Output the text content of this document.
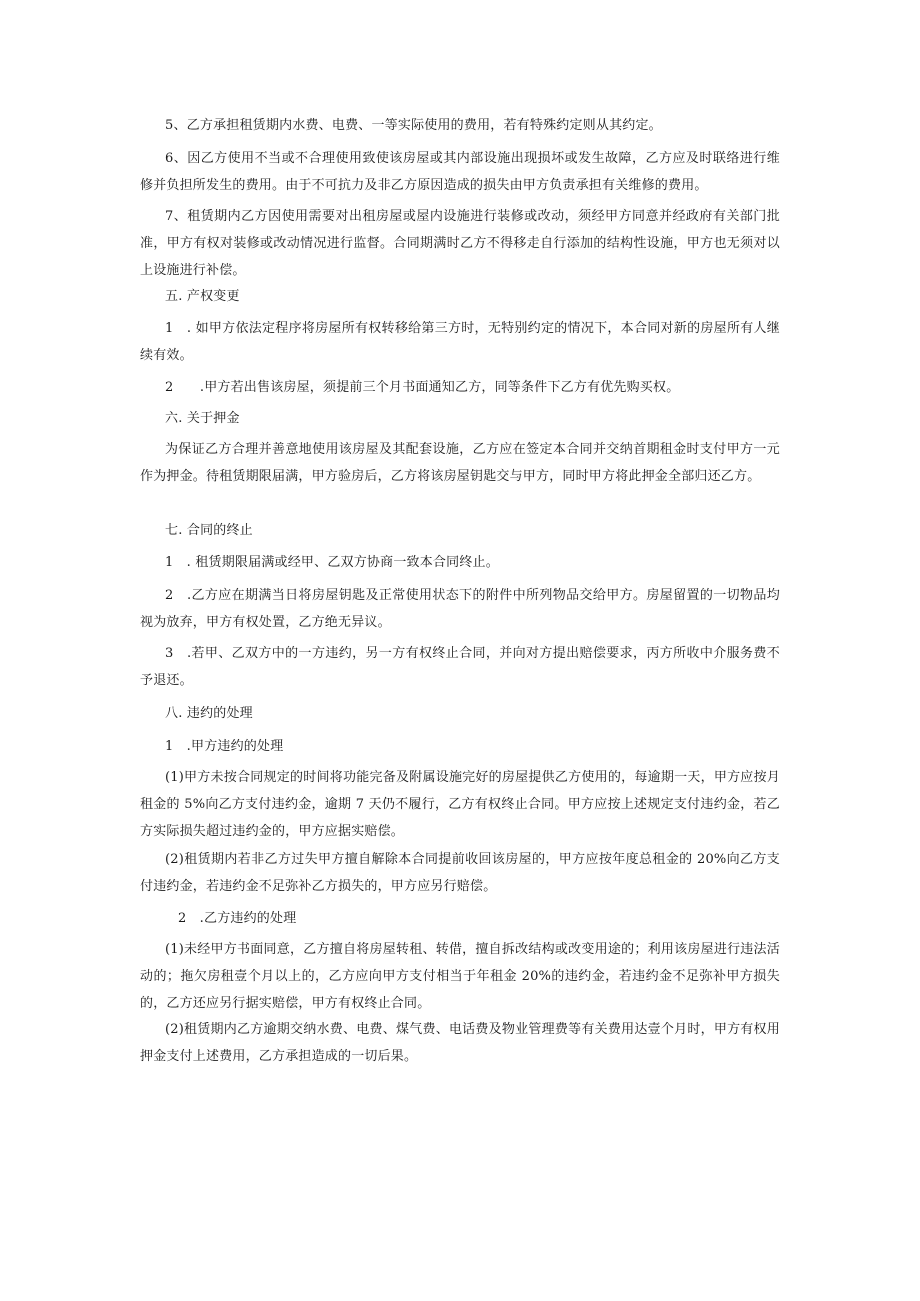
5、乙方承担租赁期内水费、电费、一等实际使用的费用，若有特殊约定则从其约定。

6、因乙方使用不当或不合理使用致使该房屋或其内部设施出现损坏或发生故障，乙方应及时联络进行维修并负担所发生的费用。由于不可抗力及非乙方原因造成的损失由甲方负责承担有关维修的费用。

7、租赁期内乙方因使用需要对出租房屋或屋内设施进行装修或改动，须经甲方同意并经政府有关部门批准，甲方有权对装修或改动情况进行监督。合同期满时乙方不得移走自行添加的结构性设施，甲方也无须对以上设施进行补偿。

五. 产权变更

1　. 如甲方依法定程序将房屋所有权转移给第三方时，无特别约定的情况下，本合同对新的房屋所有人继续有效。

2　　.甲方若出售该房屋，须提前三个月书面通知乙方，同等条件下乙方有优先购买权。

六. 关于押金

为保证乙方合理并善意地使用该房屋及其配套设施，乙方应在签定本合同并交纳首期租金时支付甲方一元作为押金。待租赁期限届满，甲方验房后，乙方将该房屋钥匙交与甲方，同时甲方将此押金全部归还乙方。

七. 合同的终止

1　. 租赁期限届满或经甲、乙双方协商一致本合同终止。

2　.乙方应在期满当日将房屋钥匙及正常使用状态下的附件中所列物品交给甲方。房屋留置的一切物品均视为放弃，甲方有权处置，乙方绝无异议。

3　.若甲、乙双方中的一方违约，另一方有权终止合同，并向对方提出赔偿要求，丙方所收中介服务费不予退还。

八. 违约的处理

1　.甲方违约的处理

(1)甲方未按合同规定的时间将功能完备及附属设施完好的房屋提供乙方使用的，每逾期一天，甲方应按月租金的 5%向乙方支付违约金，逾期 7 天仍不履行，乙方有权终止合同。甲方应按上述规定支付违约金，若乙方实际损失超过违约金的，甲方应据实赔偿。

(2)租赁期内若非乙方过失甲方擅自解除本合同提前收回该房屋的，甲方应按年度总租金的 20%向乙方支付违约金，若违约金不足弥补乙方损失的，甲方应另行赔偿。

2　.乙方违约的处理

(1)未经甲方书面同意，乙方擅自将房屋转租、转借，擅自拆改结构或改变用途的；利用该房屋进行违法活动的；拖欠房租壹个月以上的，乙方应向甲方支付相当于年租金 20%的违约金，若违约金不足弥补甲方损失的，乙方还应另行据实赔偿，甲方有权终止合同。

(2)租赁期内乙方逾期交纳水费、电费、煤气费、电话费及物业管理费等有关费用达壹个月时，甲方有权用押金支付上述费用，乙方承担造成的一切后果。
